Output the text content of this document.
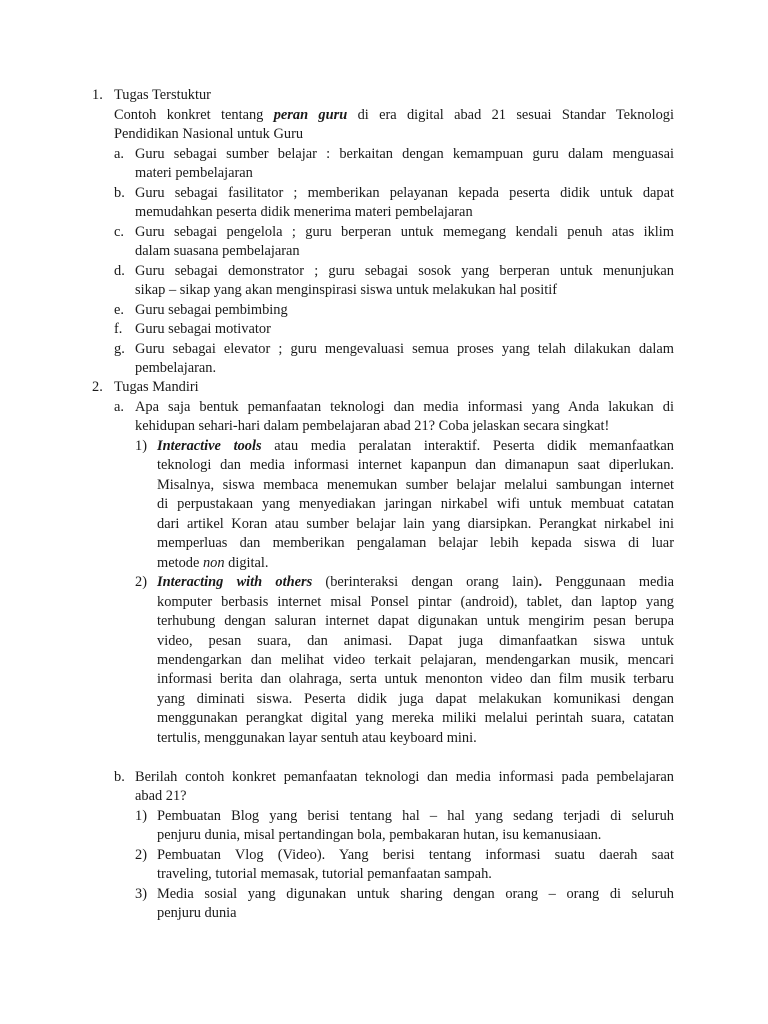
1. Tugas Terstuktur
Contoh konkret tentang peran guru di era digital abad 21 sesuai Standar Teknologi
Pendidikan Nasional untuk Guru
a. Guru sebagai sumber belajar : berkaitan dengan kemampuan guru dalam menguasai
materi pembelajaran
b. Guru sebagai fasilitator ; memberikan pelayanan kepada peserta didik untuk dapat
memudahkan peserta didik menerima materi pembelajaran
c. Guru sebagai pengelola ; guru berperan untuk memegang kendali penuh atas iklim
dalam suasana pembelajaran
d. Guru sebagai demonstrator ; guru sebagai sosok yang berperan untuk menunjukan
sikap – sikap yang akan menginspirasi siswa untuk melakukan hal positif
e. Guru sebagai pembimbing
f. Guru sebagai motivator
g. Guru sebagai elevator ; guru mengevaluasi semua proses yang telah dilakukan dalam
pembelajaran.
2. Tugas Mandiri
a. Apa saja bentuk pemanfaatan teknologi dan media informasi yang Anda lakukan di
kehidupan sehari-hari dalam pembelajaran abad 21? Coba jelaskan secara singkat!
1) Interactive tools atau media peralatan interaktif. Peserta didik memanfaatkan
teknologi dan media informasi internet kapanpun dan dimanapun saat diperlukan.
Misalnya, siswa membaca menemukan sumber belajar melalui sambungan internet
di perpustakaan yang menyediakan jaringan nirkabel wifi untuk membuat catatan
dari artikel Koran atau sumber belajar lain yang diarsipkan. Perangkat nirkabel ini
memperluas dan memberikan pengalaman belajar lebih kepada siswa di luar
metode non digital.
2) Interacting with others (berinteraksi dengan orang lain). Penggunaan media
komputer berbasis internet misal Ponsel pintar (android), tablet, dan laptop yang
terhubung dengan saluran internet dapat digunakan untuk mengirim pesan berupa
video, pesan suara, dan animasi. Dapat juga dimanfaatkan siswa untuk
mendengarkan dan melihat video terkait pelajaran, mendengarkan musik, mencari
informasi berita dan olahraga, serta untuk menonton video dan film musik terbaru
yang diminati siswa. Peserta didik juga dapat melakukan komunikasi dengan
menggunakan perangkat digital yang mereka miliki melalui perintah suara, catatan
tertulis, menggunakan layar sentuh atau keyboard mini.
b. Berilah contoh konkret pemanfaatan teknologi dan media informasi pada pembelajaran
abad 21?
1) Pembuatan Blog yang berisi tentang hal – hal yang sedang terjadi di seluruh
penjuru dunia, misal pertandingan bola, pembakaran hutan, isu kemanusiaan.
2) Pembuatan Vlog (Video). Yang berisi tentang informasi suatu daerah saat
traveling, tutorial memasak, tutorial pemanfaatan sampah.
3) Media sosial yang digunakan untuk sharing dengan orang – orang di seluruh
penjuru dunia
